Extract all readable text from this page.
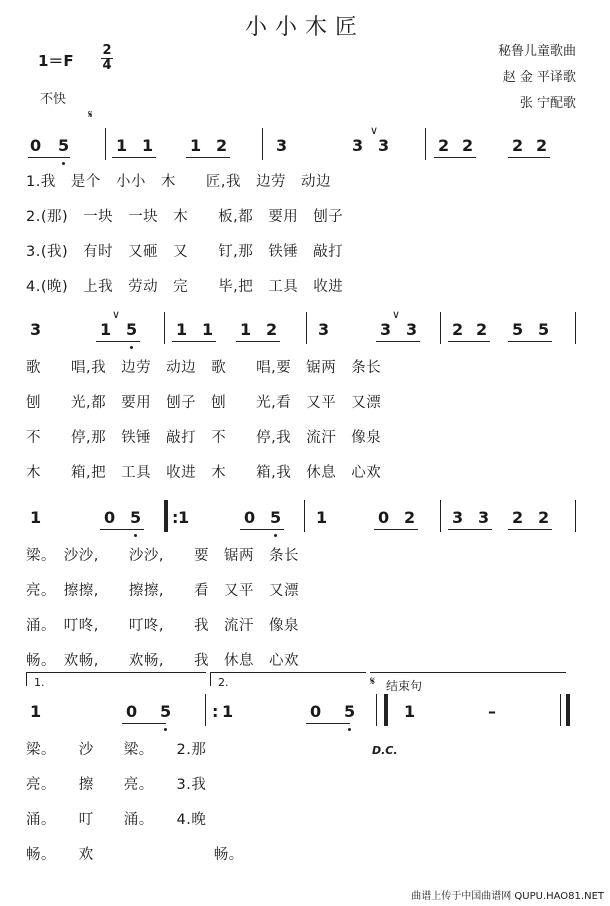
小小木匠
1＝F
2
4
不快
秘鲁儿童歌曲
赵 金 平译歌
张 宁配歌
𝄋
0 5	1 1 1 2	3	3 3	2 2 2 2
1.我　是个　小小　木　　匠,我　边劳　动边
2.(那)　一块　一块　木　　板,都　要用　刨子
3.(我)　有时　又砸　又　　钉,那　铁锤　敲打
4.(晚)　上我　劳动　完　　毕,把　工具　收进
∨
3	1 5 1 1 1 2	3	3 3 2 2 5 5
歌　　唱,我　边劳　动边　歌　　唱,要　锯两　条长
刨　　光,都　要用　刨子　刨　　光,看　又平　又漂
不　　停,那　铁锤　敲打　不　　停,我　流汗　像泉
木　　箱,把　工具　收进　木　　箱,我　休息　心欢
∨	∨
1	0 5 1	0 5 1	0 2 3 3 2 2
梁。　沙沙,　　沙沙,　　要　锯两　条长
亮。　擦擦,　　擦擦,　　看　又平　又漂
涌。　叮咚,　　叮咚,　　我　流汗　像泉
畅。　欢畅,　　欢畅,　　我　休息　心欢
:
1	0 5	1	0 5	1	–
梁。　　沙　　梁。　　2.那
亮。　　擦　　亮。　　3.我
涌。　　叮　　涌。　　4.晚
畅。　　欢　　　　　　　　畅。
:
1.	2.	𝄋 结束句
D.C.
曲谱上传于中国曲谱网 QUPU.HAO81.NET
